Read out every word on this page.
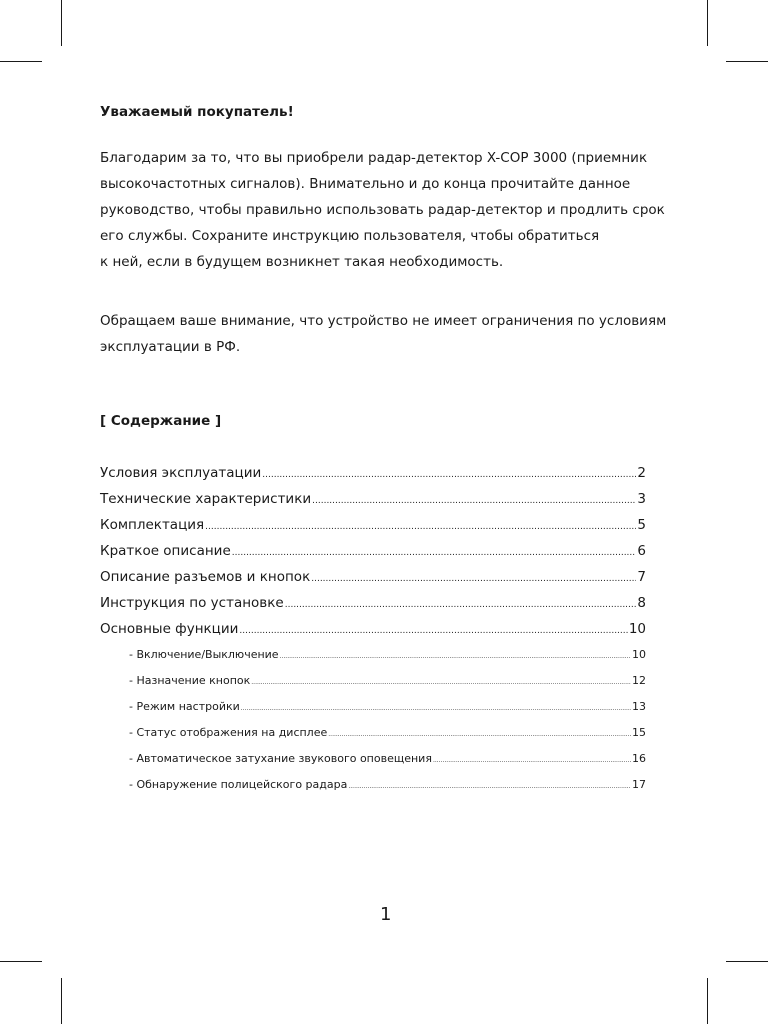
Уважаемый покупатель!

Благодарим за то, что вы приобрели радар-детектор X-COP 3000 (приемник

высокочастотных сигналов). Внимательно и до конца прочитайте данное

руководство, чтобы правильно использовать радар-детектор и продлить срок

его службы. Сохраните инструкцию пользователя, чтобы обратиться

к ней, если в будущем возникнет такая необходимость.

Обращаем ваше внимание, что устройство не имеет ограничения по условиям

эксплуатации в РФ.

[ Содержание ]
Условия эксплуатации .....	2
Технические характеристики .....	3
Комплектация .....	5
Краткое описание .....	6
Описание разъемов и кнопок .....	7
Инструкция по установке .....	8
Основные функции .....	10
- Включение/Выключение .....	10
- Назначение кнопок .....	12
- Режим настройки .....	13
- Статус отображения на дисплее .....	15
- Автоматическое затухание звукового оповещения .....	16
- Обнаружение полицейского радара .....	17
1
